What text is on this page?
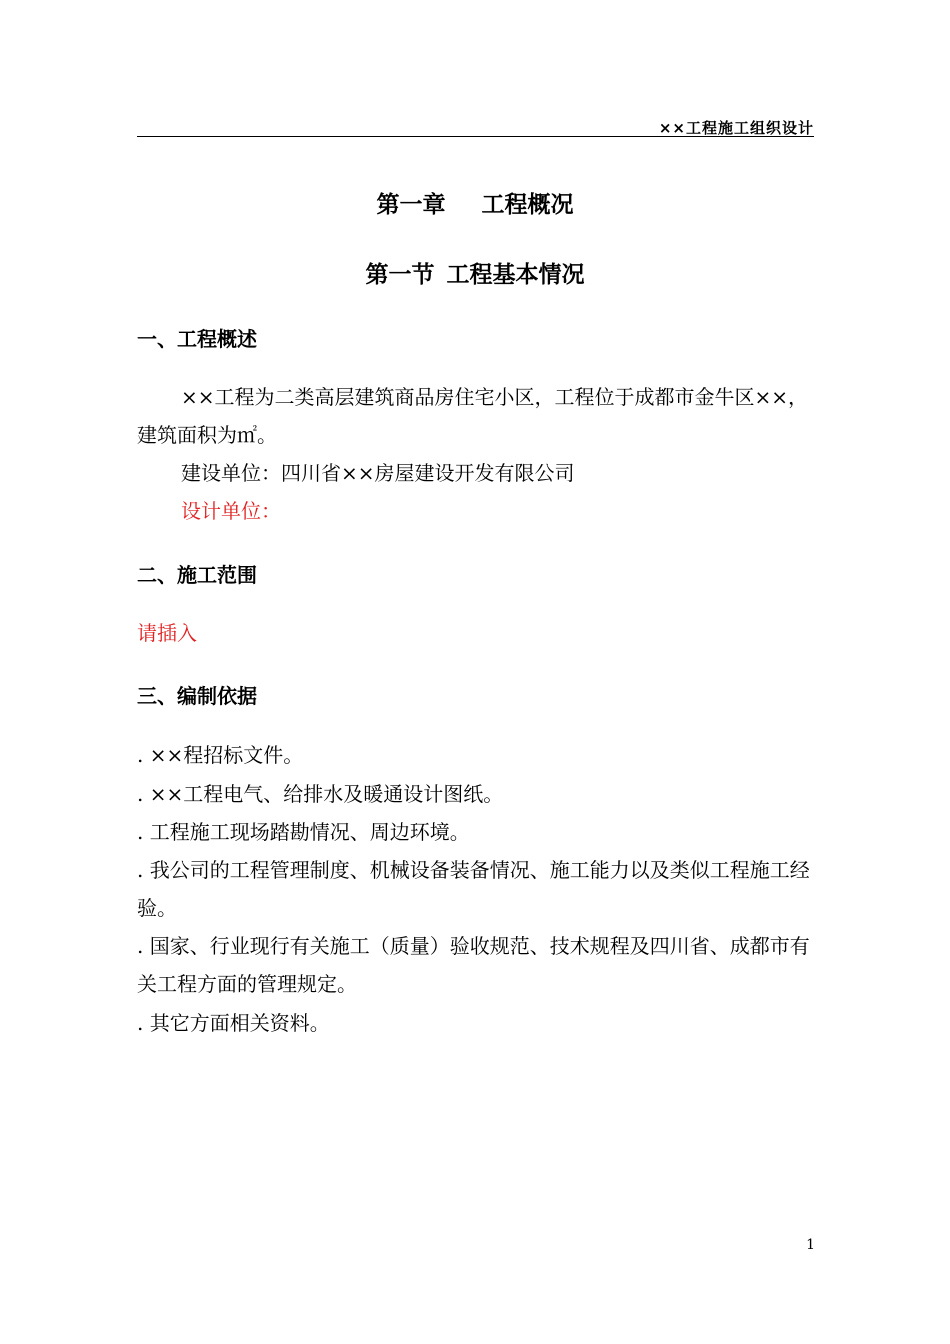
××工程施工组织设计
第一章 工程概况
第一节 工程基本情况
一、工程概述
××工程为二类高层建筑商品房住宅小区，工程位于成都市金牛区××，建筑面积为㎡。
建设单位：四川省××房屋建设开发有限公司
设计单位：
二、施工范围
请插入
三、编制依据
. ××程招标文件。
. ××工程电气、给排水及暖通设计图纸。
. 工程施工现场踏勘情况、周边环境。
. 我公司的工程管理制度、机械设备装备情况、施工能力以及类似工程施工经验。
. 国家、行业现行有关施工（质量）验收规范、技术规程及四川省、成都市有关工程方面的管理规定。
. 其它方面相关资料。
1
